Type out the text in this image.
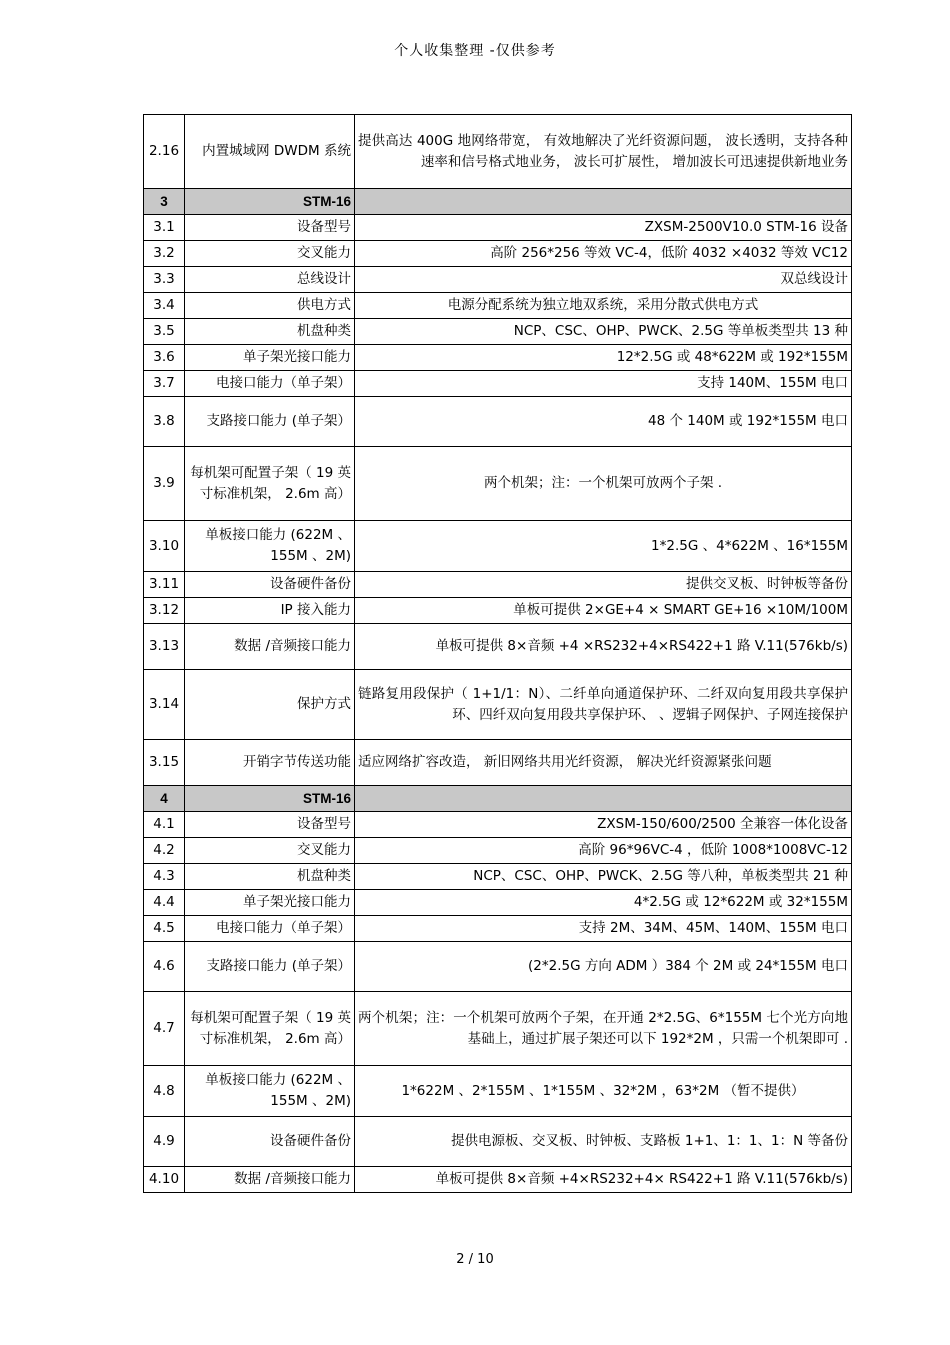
个人收集整理 -仅供参考
2.16	内置城域网 DWDM 系统	提供高达 400G 地网络带宽， 有效地解决了光纤资源问题， 波长透明，支持各种速率和信号格式地业务， 波长可扩展性， 增加波长可迅速提供新地业务
3	STM-16	
3.1	设备型号	ZXSM-2500V10.0 STM-16 设备
3.2	交叉能力	高阶 256*256 等效 VC-4，低阶 4032 ×4032 等效 VC12
3.3	总线设计	双总线设计
3.4	供电方式	电源分配系统为独立地双系统，采用分散式供电方式
3.5	机盘种类	NCP、CSC、OHP、PWCK、2.5G 等单板类型共 13 种
3.6	单子架光接口能力	12*2.5G 或 48*622M 或 192*155M
3.7	电接口能力（单子架）	支持 140M、155M 电口
3.8	支路接口能力 (单子架）	48 个 140M 或 192*155M 电口
3.9	每机架可配置子架（ 19 英寸标准机架， 2.6m 高）	两个机架；注：一个机架可放两个子架 .
3.10	单板接口能力 (622M 、155M 、2M)	1*2.5G 、4*622M 、16*155M
3.11	设备硬件备份	提供交叉板、时钟板等备份
3.12	IP 接入能力	单板可提供 2×GE+4 × SMART GE+16 ×10M/100M
3.13	数据 /音频接口能力	单板可提供 8×音频 +4 ×RS232+4×RS422+1 路 V.11(576kb/s)
3.14	保护方式	链路复用段保护（ 1+1/1：N）、二纤单向通道保护环、二纤双向复用段共享保护环、四纤双向复用段共享保护环、 、逻辑子网保护、子网连接保护
3.15	开销字节传送功能	适应网络扩容改造， 新旧网络共用光纤资源， 解决光纤资源紧张问题
4	STM-16	
4.1	设备型号	ZXSM-150/600/2500 全兼容一体化设备
4.2	交叉能力	高阶 96*96VC-4 ，低阶 1008*1008VC-12
4.3	机盘种类	NCP、CSC、OHP、PWCK、2.5G 等八种，单板类型共 21 种
4.4	单子架光接口能力	4*2.5G 或 12*622M 或 32*155M
4.5	电接口能力（单子架）	支持 2M、34M、45M、140M、155M 电口
4.6	支路接口能力 (单子架）	(2*2.5G 方向 ADM ）384 个 2M 或 24*155M 电口
4.7	每机架可配置子架（ 19 英寸标准机架， 2.6m 高）	两个机架；注：一个机架可放两个子架，在开通 2*2.5G、6*155M 七个光方向地基础上，通过扩展子架还可以下 192*2M ，只需一个机架即可 .
4.8	单板接口能力 (622M 、155M 、2M)	1*622M 、2*155M 、1*155M 、32*2M ，63*2M （暂不提供）
4.9	设备硬件备份	提供电源板、交叉板、时钟板、支路板 1+1、1：1、1：N 等备份
4.10	数据 /音频接口能力	单板可提供 8×音频 +4×RS232+4× RS422+1 路 V.11(576kb/s)
2 / 10
